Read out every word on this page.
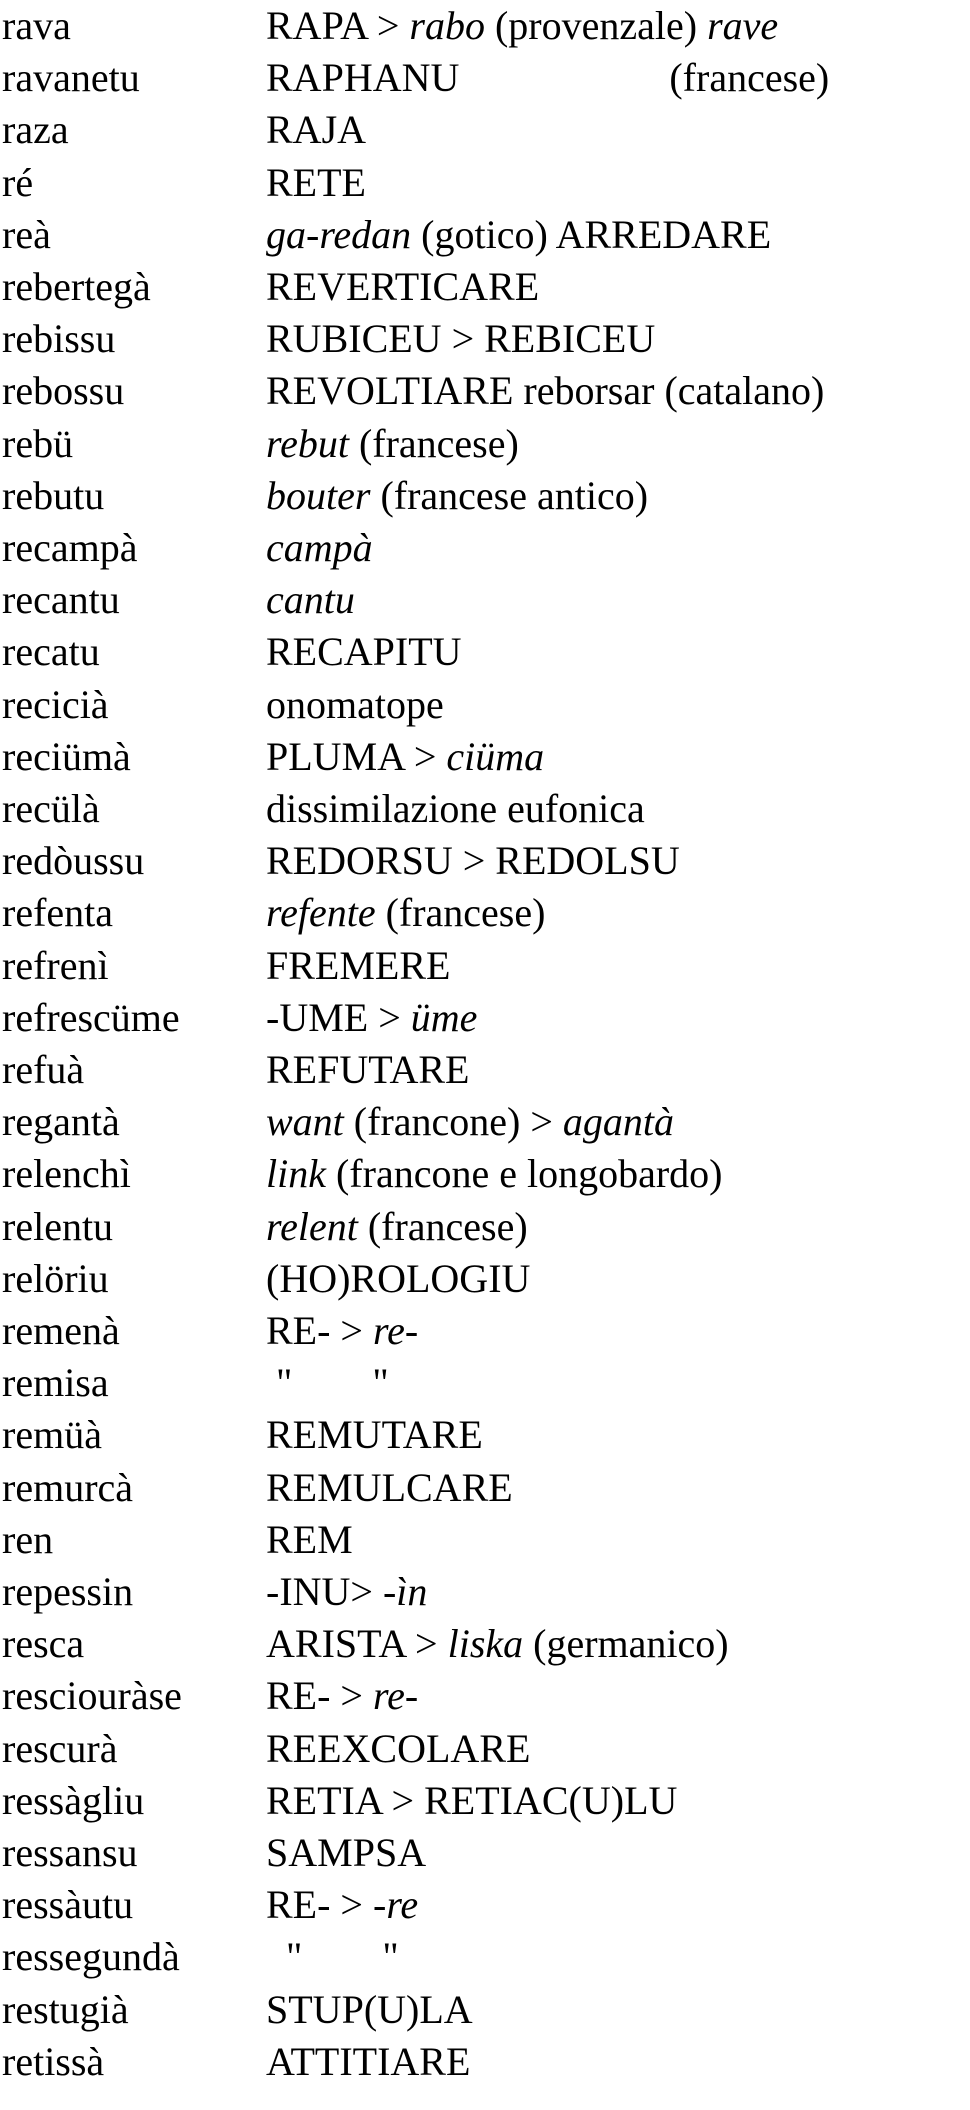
rava	RAPA > rabo (provenzale) rave
ravanetu	RAPHANU	(francese)
raza	RAJA
ré	RETE
reà	ga-redan (gotico) ARREDARE
rebertegà	REVERTICARE
rebissu	RUBICEU > REBICEU
rebossu	REVOLTIARE reborsar (catalano)
rebü	rebut (francese)
rebutu	bouter (francese antico)
recampà	campà
recantu	cantu
recatu	RECAPITU
recicià	onomatope
reciümà	PLUMA > ciüma
recülà	dissimilazione eufonica
redòussu	REDORSU > REDOLSU
refenta	refente (francese)
refrenì	FREMERE
refrescüme -UME > üme
refuà	REFUTARE
regantà	want (francone) > agantà
relenchì	link (francone e longobardo)
relentu	relent (francese)
relöriu	(HO)ROLOGIU
remenà	RE- > re-
remisa	"        "
remüà	REMUTARE
remurcà	REMULCARE
ren	REM
repessin	-INU> -ìn
resca	ARISTA > liska (germanico)
resciouràse RE- > re-
rescurà	REEXCOLARE
ressàgliu	RETIA > RETIAC(U)LU
ressansu	SAMPSA
ressàutu	RE- > -re
ressegundà "        "
restugià	STUP(U)LA
retissà	ATTITIARE
